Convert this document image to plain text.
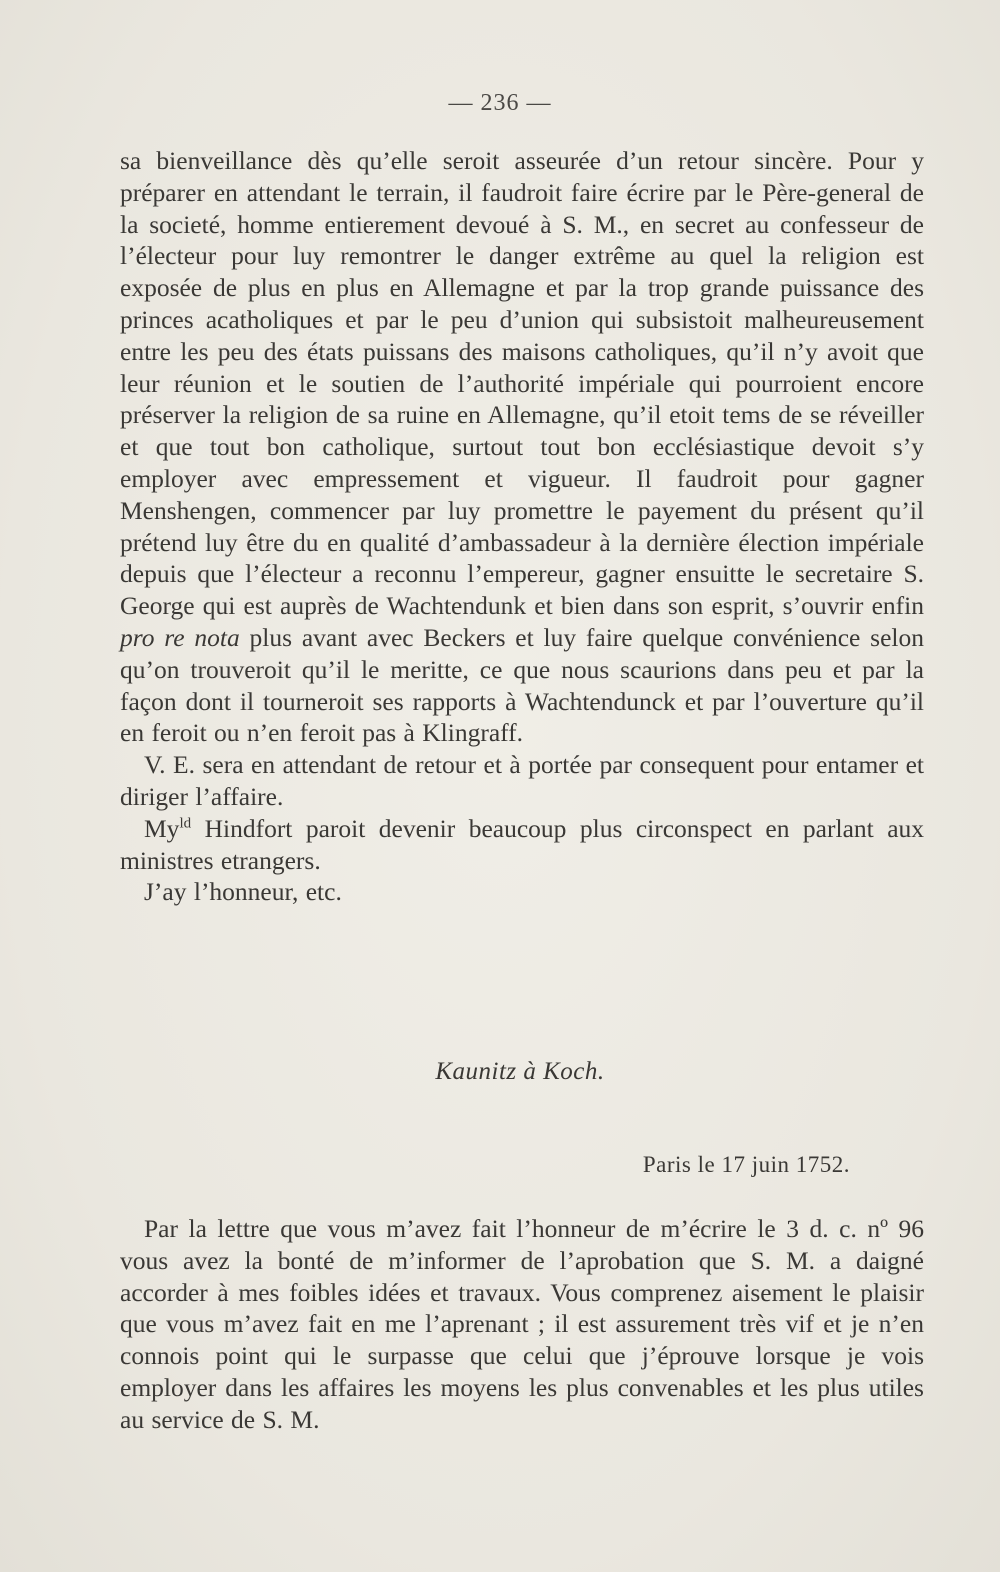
— 236 —

sa bienveillance dès qu’elle seroit asseurée d’un retour sincère. Pour y préparer en attendant le terrain, il faudroit faire écrire par le Père-general de la societé, homme entierement devoué à S. M., en secret au confesseur de l’électeur pour luy remontrer le danger extrême au quel la religion est exposée de plus en plus en Allemagne et par la trop grande puissance des princes acatholiques et par le peu d’union qui subsistoit malheureusement entre les peu des états puissans des maisons catholiques, qu’il n’y avoit que leur réunion et le soutien de l’authorité impériale qui pourroient encore préserver la religion de sa ruine en Allemagne, qu’il etoit tems de se réveiller et que tout bon catholique, surtout tout bon ecclésiastique devoit s’y employer avec empressement et vigueur. Il faudroit pour gagner Menshengen, commencer par luy promettre le payement du présent qu’il prétend luy être du en qualité d’ambassadeur à la dernière élection impériale depuis que l’électeur a reconnu l’empereur, gagner ensuitte le secretaire S. George qui est auprès de Wachtendunk et bien dans son esprit, s’ouvrir enfin pro re nota plus avant avec Beckers et luy faire quelque convénience selon qu’on trouveroit qu’il le meritte, ce que nous scaurions dans peu et par la façon dont il tourneroit ses rapports à Wachtendunck et par l’ouverture qu’il en feroit ou n’en feroit pas à Klingraff.

V. E. sera en attendant de retour et à portée par consequent pour entamer et diriger l’affaire.

$My^{ld}$ Hindfort paroit devenir beaucoup plus circonspect en parlant aux ministres etrangers.

J’ay l’honneur, etc.

Kaunitz à Koch.
Paris le 17 juin 1752.

Par la lettre que vous m’avez fait l’honneur de m’écrire le 3 d. c. nº 96 vous avez la bonté de m’informer de l’aprobation que S. M. a daigné accorder à mes foibles idées et travaux. Vous comprenez aisement le plaisir que vous m’avez fait en me l’aprenant ; il est assurement très vif et je n’en connois point qui le surpasse que celui que j’éprouve lorsque je vois employer dans les affaires les moyens les plus convenables et les plus utiles au service de S. M.
